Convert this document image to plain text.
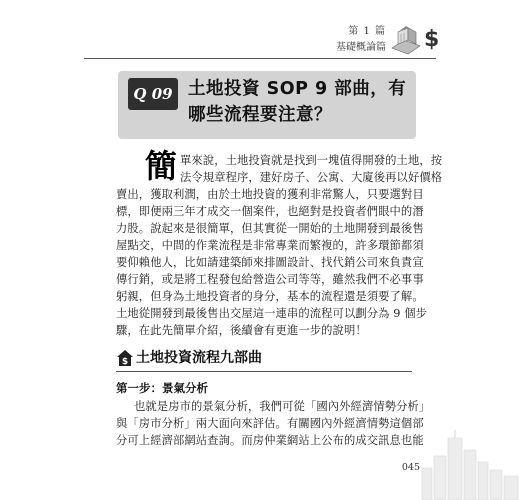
第 1 篇
基礎概論篇 $
Q 09 土地投資 SOP 9 部曲，有
哪些流程要注意？
簡 單來說，土地投資就是找到一塊值得開發的土地，按
法令規章程序，建好房子、公寓、大廈後再以好價格
賣出，獲取利潤，由於土地投資的獲利非常驚人，只要選對目
標，即便兩三年才成交一個案件，也絕對是投資者們眼中的潛
力股。說起來是很簡單，但其實從一開始的土地開發到最後售
屋點交，中間的作業流程是非常專業而繁複的，許多環節都須
要仰賴他人，比如請建築師來排圖設計、找代銷公司來負責宣
傳行銷，或是將工程發包給營造公司等等，雖然我們不必事事
躬親，但身為土地投資者的身分，基本的流程還是須要了解。
土地從開發到最後售出交屋這一連串的流程可以劃分為 9 個步
驟，在此先簡單介紹，後續會有更進一步的說明！
$ 土地投資流程九部曲
第一步：景氣分析
也就是房市的景氣分析，我們可從「國內外經濟情勢分析」
與「房市分析」兩大面向來評估。有關國內外經濟情勢這個部
分可上經濟部網站查詢。而房仲業網站上公布的成交訊息也能
045
